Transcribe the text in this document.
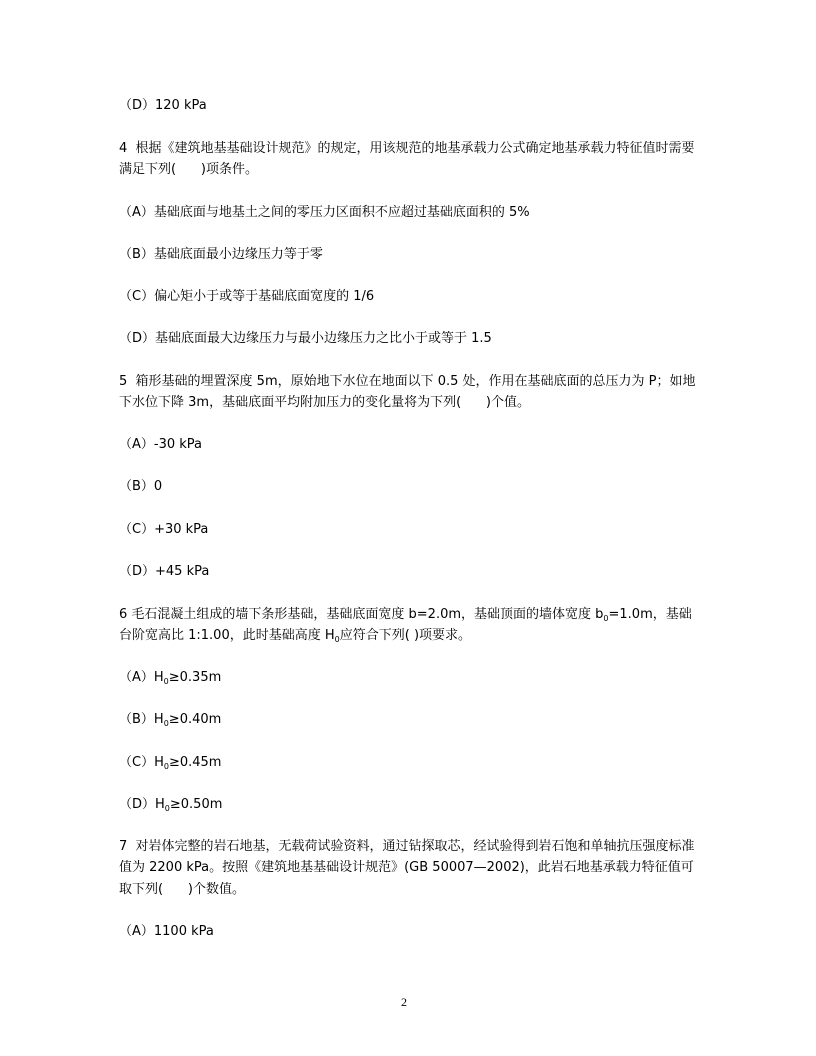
（D）120 kPa
4  根据《建筑地基基础设计规范》的规定，用该规范的地基承载力公式确定地基承载力特征值时需要满足下列(      )项条件。
（A）基础底面与地基土之间的零压力区面积不应超过基础底面积的 5%
（B）基础底面最小边缘压力等于零
（C）偏心矩小于或等于基础底面宽度的 1/6
（D）基础底面最大边缘压力与最小边缘压力之比小于或等于 1.5
5  箱形基础的埋置深度 5m，原始地下水位在地面以下 0.5 处，作用在基础底面的总压力为 P；如地下水位下降 3m，基础底面平均附加压力的变化量将为下列(      )个值。
（A）-30 kPa
（B）0
（C）+30 kPa
（D）+45 kPa
6 毛石混凝土组成的墙下条形基础，基础底面宽度 b=2.0m，基础顶面的墙体宽度 $b_0=1.0m$，基础台阶宽高比 1:1.00，此时基础高度 $H_0$应符合下列( )项要求。
$(A)H_0\ge 0.35m$
$(B)H_0\ge 0.40m$
$(C)H_0\ge 0.45m$
$(D)H_0\ge 0.50m$
7  对岩体完整的岩石地基，无载荷试验资料，通过钻探取芯，经试验得到岩石饱和单轴抗压强度标准值为 2200 kPa。按照《建筑地基基础设计规范》(GB 50007—2002)，此岩石地基承载力特征值可取下列(      )个数值。
（A）1100 kPa
2
